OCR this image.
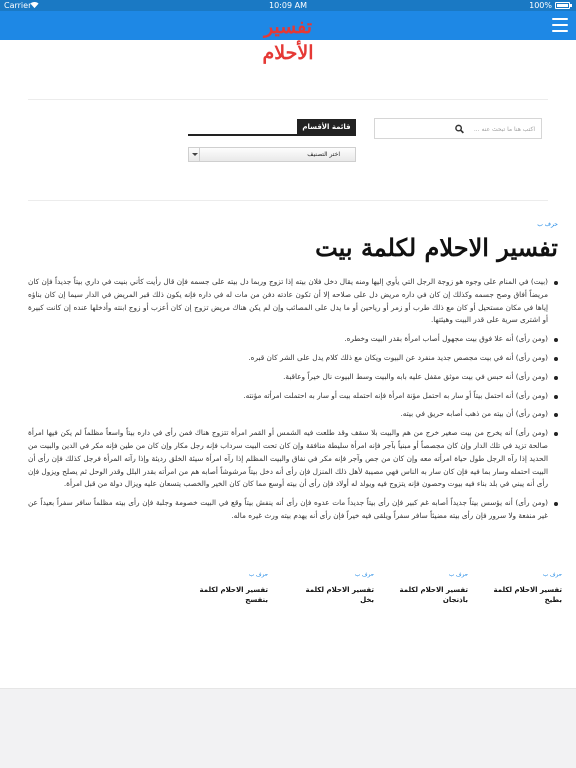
Carrier	10:09 AM	100%
تفسير الأحلام
اكتب هنا ما تبحث عنه ...
قائمة الأقسام
اختر التصنيف
حرف ب
تفسير الاحلام لكلمة بيت
(بيت) في المنام على وجوه هو زوجة الرجل التي يأوي إليها ومنه يقال دخل فلان بيته إذا تزوج وربما دل بيته على جسمه فإن قال رأيت كأني بنيت في داري بيتاً جديداً فإن كان مريضاً أفاق وصح جسمه وكذلك إن كان في داره مريض دل على صلاحه إلا أن تكون عادته دفن من مات له في داره فإنه يكون ذلك قبر المريض في الدار سيما إن كان بناؤه إياها في مكان مستحيل أو كان مع ذلك طرب أو زمر أو رياحين أو ما يدل على المصائب وإن لم يكن هناك مريض تزوج إن كان أعزب أو زوج ابنته وأدخلها عنده إن كانت كبيرة أو اشترى سرية على قدر البيت وهيئتها.
(ومن رأى) أنه علا فوق بيت مجهول أصاب امرأة بقدر البيت وخطره.
(ومن رأى) أنه في بيت مجصص جديد منفرد عن البيوت ويكان مع ذلك كلام يدل على الشر كان قبره.
(ومن رأى) أنه حبس في بيت موثق مقفل عليه بابه والبيت وسط البيوت نال خيراً وعاقبة.
(ومن رأى) أنه احتمل بيتاً أو سار به احتمل مؤنة امرأة فإنه احتمله بيت أو سار به احتملت امرأته مؤنته.
(ومن رأى) أن بيته من ذهب أصابه حريق في بيته.
(ومن رأى) أنه يخرج من بيت صغير خرج من هم والبيت بلا سقف وقد طلعت فيه الشمس أو القمر امرأة تتزوج هناك فمن رأى في داره بيتاً واسعاً مظلماً لم يكن فيها امرأة صالحة تزيد في تلك الدار وإن كان مجصصاً أو مبنياً بآجر فإنه امرأة سليطة منافقة وإن كان تحت البيت سرداب فإنه رجل مكار وإن كان من طين فإنه مكر في الدين والبيت من الحديد إذا رآه الرجل طول حياة امرأته معه وإن كان من جص وآجر فإنه مكر في نفاق والبيت المظلم إذا رآه امرأة سيئة الخلق رديئة وإذا رآته المرأة فرجل كذلك فإن رأى أن البيت احتمله وسار بما فيه فإن كان سار به الناس فهي مصيبة لأهل ذلك المنزل فإن رأى أنه دخل بيتاً مرشوشاً أصابه هم من امرأته بقدر البلل وقدر الوحل ثم يصلح ويزول فإن رأى أنه يبني في بلد بناء فيه بيوت وحصون فإنه يتزوج فيه ويولد له أولاد فإن رأى أن بيته أوسع مما كان كان الخير والخصب يتسعان عليه ويزال دولة من قبل امرأة.
(ومن رأى) أنه يؤسس بيتاً جديداً أصابه غم كبير فإن رأى بيتاً جديداً مات عدوه فإن رأى أنه ينفش بيتاً وقع في البيت خصومة وجلبة فإن رأى بيته مظلماً سافر سفراً بعيداً عن غير منفعة ولا سرور فإن رأى بيته مضيئاً سافر سفراً ويلقى فيه خيراً فإن رأى أنه يهدم بيته ورث غيره ماله.
حرف ب
تفسير الاحلام لكلمة بطيخ
حرف ب
تفسير الاحلام لكلمة باذنجان
حرف ب
تفسير الاحلام لكلمة بخل
حرف ب
تفسير الاحلام لكلمة بنفسج
